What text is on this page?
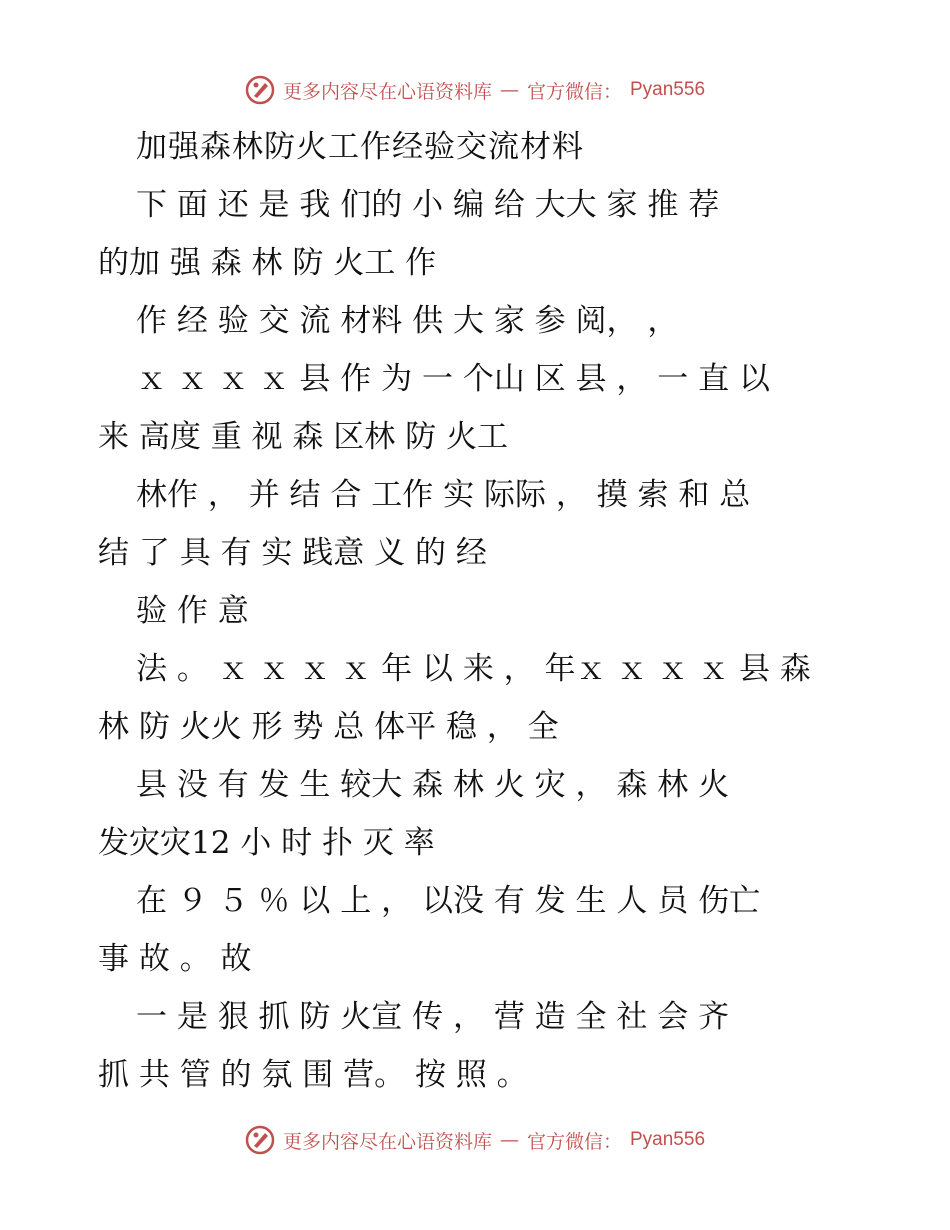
更多内容尽在心语资料库 — 官方微信： Pyan556
加强森林防火工作经验交流材料
下 面 还 是 我 们的 小 编 给 大大 家 推 荐
的加 强 森 林 防 火工 作
作 经 验 交 流 材料 供 大 家 参 阅， ，
ｘ ｘ ｘ ｘ 县 作 为 一 个山 区 县 ， 一 直 以
来 高度 重 视 森 区林 防 火工
林作 ， 并 结 合 工作 实 际际 ， 摸 索 和 总
结 了 具 有 实 践意 义 的 经
验 作 意
法 。 ｘ ｘ ｘ ｘ 年 以 来 ， 年ｘ ｘ ｘ ｘ 县 森
林 防 火火 形 势 总 体平 稳 ， 全
县 没 有 发 生 较大 森 林 火 灾 ， 森 林 火
发灾灾12 小 时 扑 灭 率
在 ９ ５ ％ 以 上 ， 以没 有 发 生 人 员 伤亡
事 故 。 故
一 是 狠 抓 防 火宣 传 ， 营 造 全 社 会 齐
抓 共 管 的 氛 围 营。 按 照 。
更多内容尽在心语资料库 — 官方微信： Pyan556
